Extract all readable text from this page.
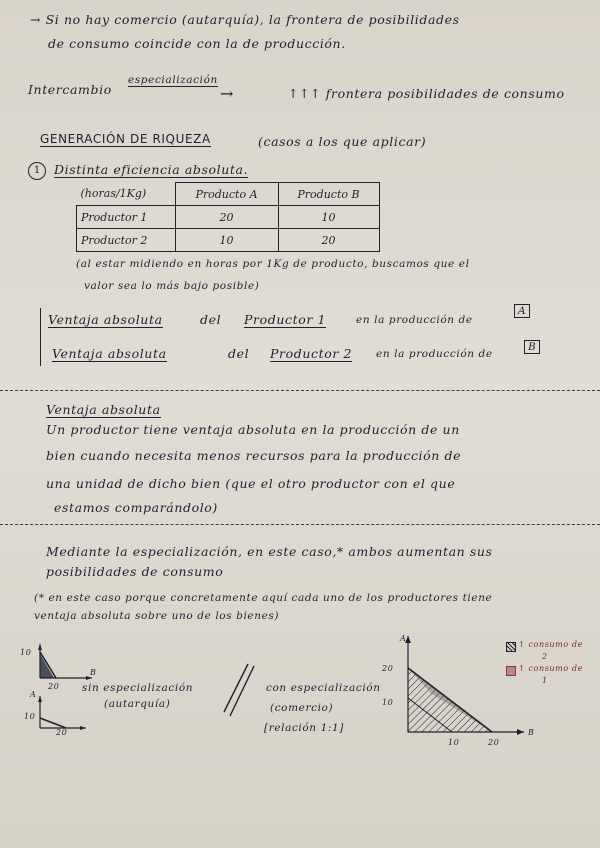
→ Si no hay comercio (autarquía), la frontera de posibilidades
de consumo coincide con la de producción.
Intercambio
especialización
→	↑↑↑ frontera posibilidades de consumo
GENERACIÓN DE RIQUEZA	(casos a los que aplicar)
1	Distinta eficiencia absoluta.
(horas/1Kg)	Producto A	Producto B
Productor 1	20	10
Productor 2	10	20
(al estar midiendo en horas por 1Kg de producto, buscamos que el
valor sea lo más bajo posible)
Ventaja absoluta	del Productor 1	en la producción de
A
Ventaja absoluta	del Productor 2 en la producción de
B
Ventaja absoluta
Un productor tiene ventaja absoluta en la producción de un
bien cuando necesita menos recursos para la producción de
una unidad de dicho bien (que el otro productor con el que
estamos comparándolo)
Mediante la especialización, en este caso,* ambos aumentan sus
posibilidades de consumo
(* en este caso porque concretamente aquí cada uno de los productores tiene
ventaja absoluta sobre uno de los bienes)
10
20
B
A
10
20
sin especialización
(autarquía)
con especialización
(comercio)
[relación 1:1]
A
20
10
10	20
B
↑ consumo de
2
↑ consumo de
1
